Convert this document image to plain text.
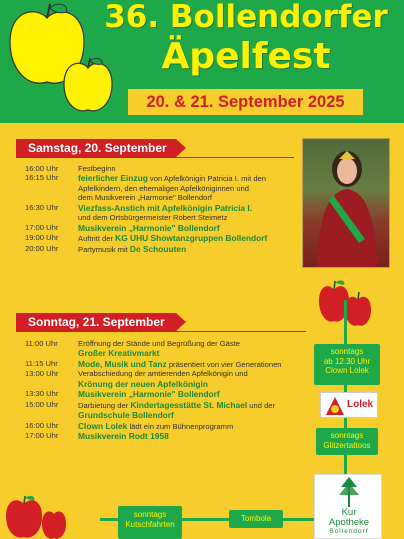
36. Bollendorfer
Äpelfest
20. & 21. September 2025
Samstag, 20. September
16:00 Uhr	Festbeginn
16:15 Uhr	feierlicher Einzug von Apfelkönigin Patricia I. mit den
Apfelkindern, den ehemaligen Apfelköniginnen und
dem Musikverein „Harmonie" Bollendorf
16:30 Uhr	Viezfass-Anstich mit Apfelkönigin Patricia I.
und dem Ortsbürgermeister Robert Steimetz
17:00 Uhr	Musikverein „Harmonie" Bollendorf
19:00 Uhr	Auftritt der KG UHU Showtanzgruppen Bollendorf
20:00 Uhr	Partymusik mit De Schouuten
Sonntag, 21. September
11:00 Uhr	Eröffnung der Stände und Begrüßung der Gäste
Großer Kreativmarkt
11:15 Uhr	Mode, Musik und Tanz präsentiert von vier Generationen
13:00 Uhr	Verabschiedung der amtierenden Apfelkönigin und
Krönung der neuen Apfelkönigin
13:30 Uhr	Musikverein „Harmonie" Bollendorf
15:00 Uhr	Darbietung der Kindertagesstätte St. Michael und der
Grundschule Bollendorf
16:00 Uhr	Clown Lolek lädt ein zum Bühnenprogramm
17:00 Uhr	Musikverein Rodt 1958
sonntags
ab 12.30 Uhr
Clown Lolek
Lolek
sonntags
Glitzertattoos
Kur
Apotheke
Bollendorf
sonntags
Kutschfahrten
Tombola
